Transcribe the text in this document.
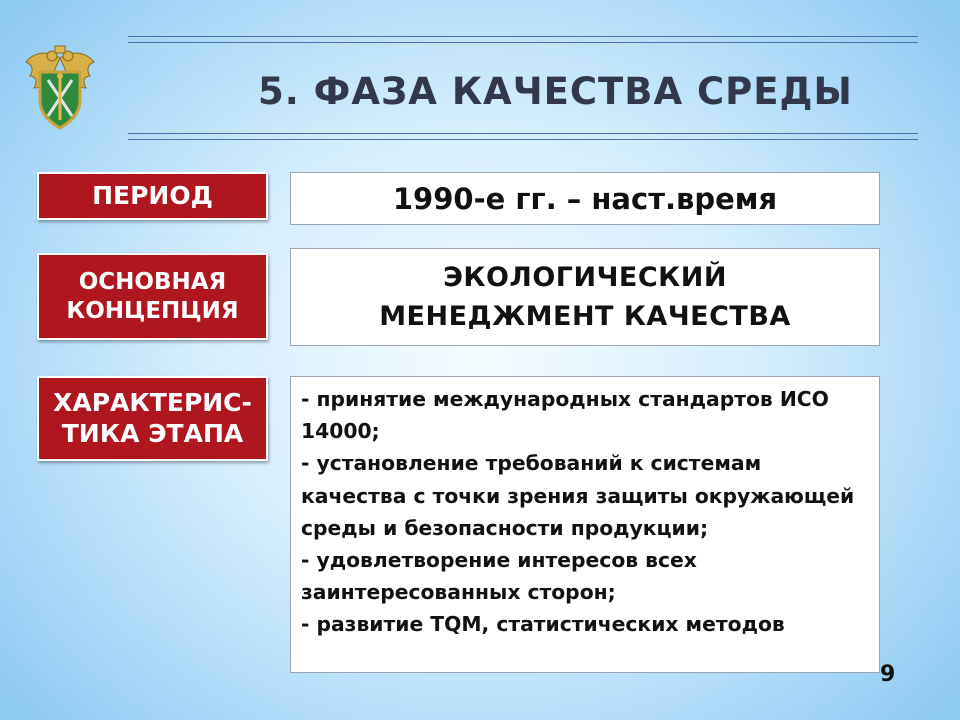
5. ФАЗА КАЧЕСТВА СРЕДЫ
ПЕРИОД	1990-е гг. – наст.время
ОСНОВНАЯ
КОНЦЕПЦИЯ
ЭКОЛОГИЧЕСКИЙ
МЕНЕДЖМЕНТ КАЧЕСТВА
ХАРАКТЕРИС-
ТИКА ЭТАПА
- принятие международных стандартов ИСО 14000;
- установление требований к системам качества с точки зрения защиты окружающей среды и безопасности продукции;
- удовлетворение интересов всех заинтересованных сторон;
- развитие TQM, статистических методов
9
